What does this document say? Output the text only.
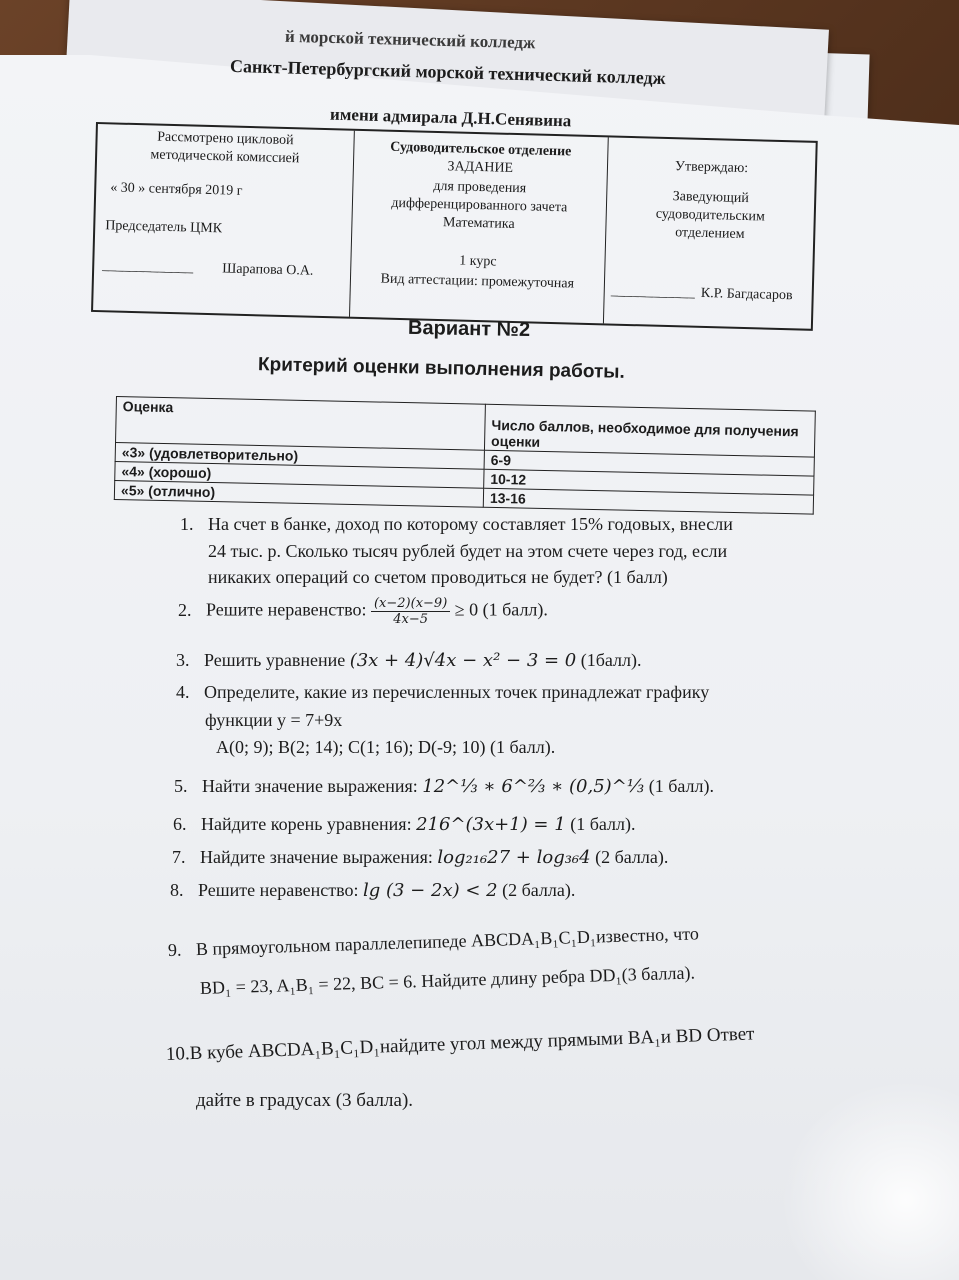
й морской технический колледж
Санкт-Петербургский морской технический колледж
имени адмирала Д.Н.Сенявина
Рассмотрено цикловой
методической комиссией
« 30 » сентября 2019 г
Председатель ЦМК
_____________ Шарапова О.А.
Судоводительское отделение
ЗАДАНИЕ
для проведения
дифференцированного зачета
Математика
1 курс
Вид аттестации: промежуточная
Утверждаю:
Заведующий
судоводительским
отделением
____________ К.Р. Багдасаров
Вариант №2
Критерий оценки выполнения работы.
Оценка	Число баллов, необходимое для получения оценки
«3» (удовлетворительно)	6-9
«4» (хорошо)	10-12
«5» (отлично)	13-16
1. На счет в банке, доход по которому составляет 15% годовых, внесли
24 тыс. р. Сколько тысяч рублей будет на этом счете через год, если
никаких операций со счетом проводиться не будет? (1 балл)
2. Решите неравенство: $\frac{(x-2)(x-9)}{4x-5} \ge 0$ (1 балл).
3. Решить уравнение (3x + 4)√4x − x² − 3 = 0 (1балл).
4. Определите, какие из перечисленных точек принадлежат графику
функции y = 7+9x
A(0; 9); B(2; 14); C(1; 16); D(-9; 10) (1 балл).
5. Найти значение выражения: 12^⅓ ∗ 6^⅔ ∗ (0,5)^⅓ (1 балл).
6. Найдите корень уравнения: 216^(3x+1) = 1 (1 балл).
7. Найдите значение выражения: log₂₁₆27 + log₃₆4 (2 балла).
8. Решите неравенство: lg (3 − 2x) < 2 (2 балла).
9. В прямоугольном параллелепипеде ABCDA₁B₁C₁D₁известно, что
BD₁ = 23, A₁B₁ = 22, BC = 6. Найдите длину ребра DD₁(3 балла).
10.В кубе ABCDA₁B₁C₁D₁найдите угол между прямыми BA₁и BD Ответ
дайте в градусах (3 балла).
